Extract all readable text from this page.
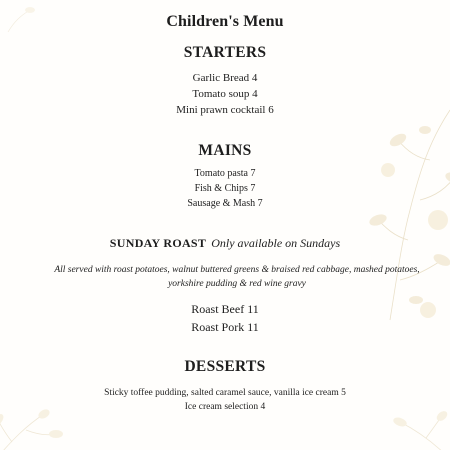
Children's Menu
STARTERS
Garlic Bread 4
Tomato soup 4
Mini prawn cocktail 6
MAINS
Tomato pasta 7
Fish & Chips 7
Sausage & Mash 7
SUNDAY ROAST Only available on Sundays
All served with roast potatoes, walnut buttered greens & braised red cabbage, mashed potatoes,
yorkshire pudding & red wine gravy
Roast Beef 11
Roast Pork 11
DESSERTS
Sticky toffee pudding, salted caramel sauce, vanilla ice cream 5
Ice cream selection 4
